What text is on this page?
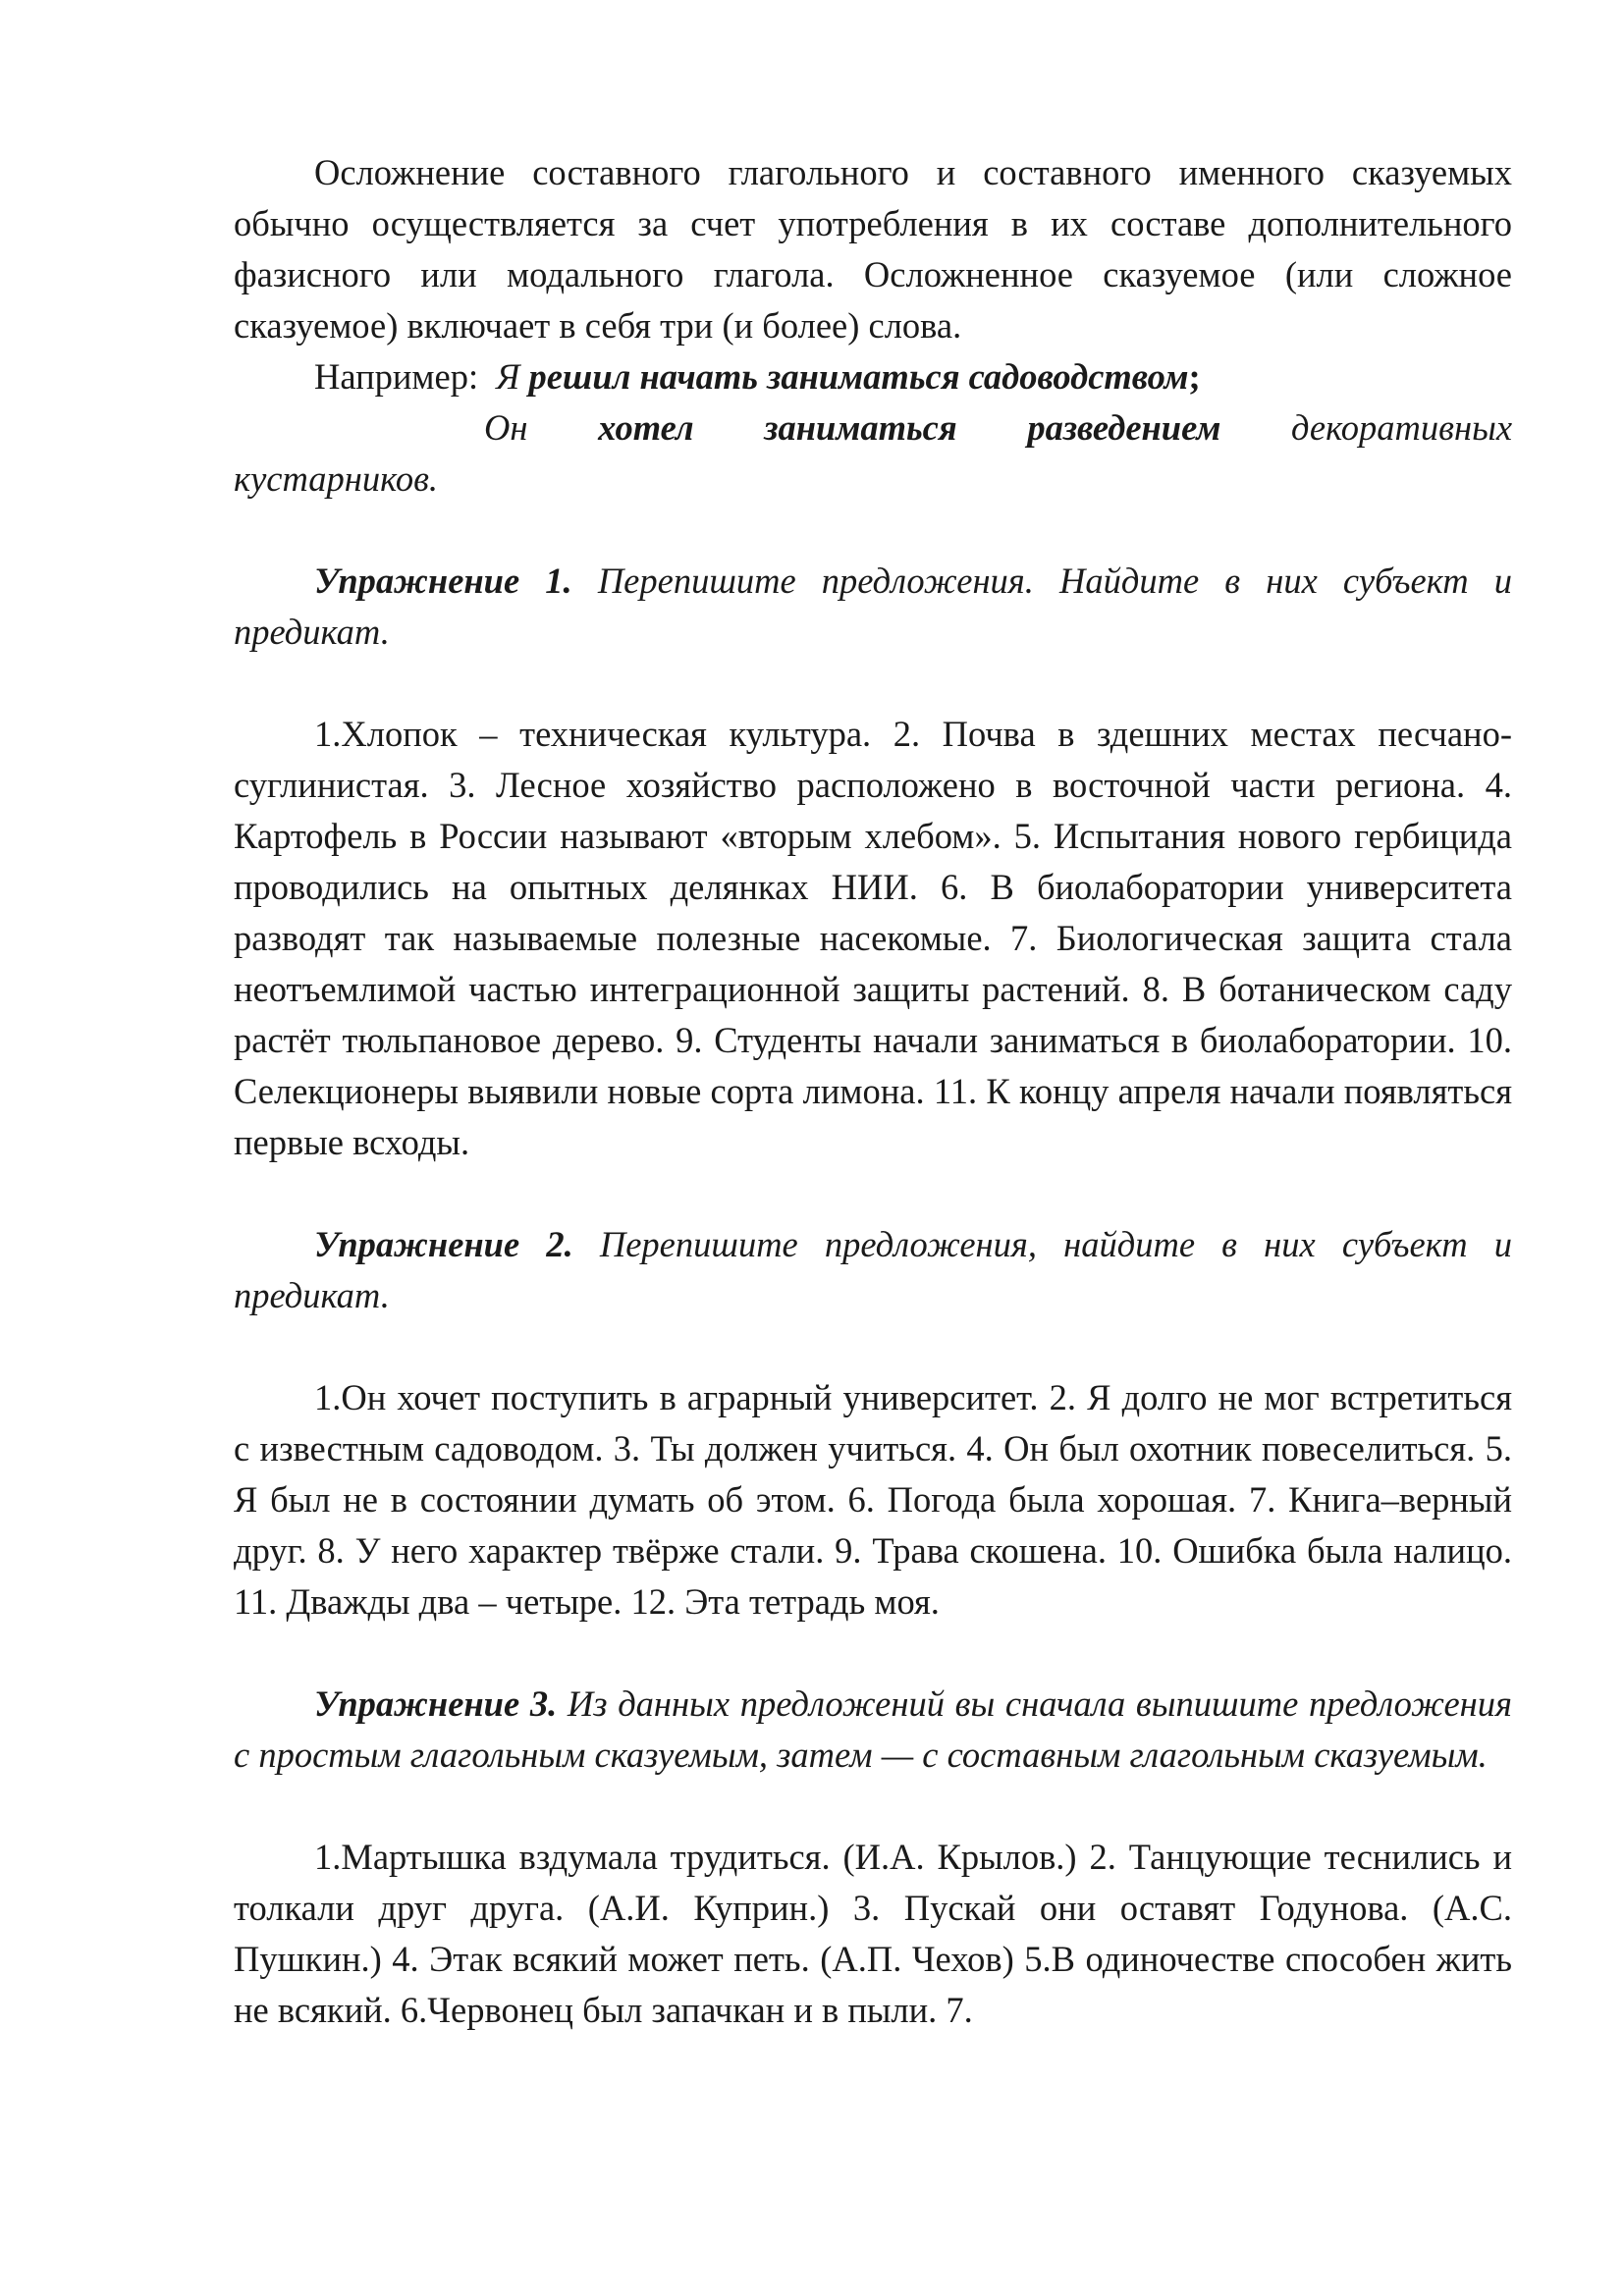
Осложнение составного глагольного и составного именного сказуемых обычно осуществляется за счет употребления в их составе дополнительного фазисного или модального глагола. Осложненное сказуемое (или сложное сказуемое) включает в себя три (и более) слова.

Например: Я решил начать заниматься садоводством;

Он хотел заниматься разведением декоративных

кустарников.

Упражнение 1. Перепишите предложения. Найдите в них субъект и предикат.

1.Хлопок – техническая культура. 2. Почва в здешних местах песчано-суглинистая. 3. Лесное хозяйство расположено в восточной части региона. 4. Картофель в России называют «вторым хлебом». 5. Испытания нового гербицида проводились на опытных делянках НИИ. 6. В биолаборатории университета разводят так называемые полезные насекомые. 7. Биологическая защита стала неотъемлимой частью интеграционной защиты растений. 8. В ботаническом саду растёт тюльпановое дерево. 9. Студенты начали заниматься в биолаборатории. 10. Селекционеры выявили новые сорта лимона. 11. К концу апреля начали появляться первые всходы.

Упражнение 2. Перепишите предложения, найдите в них субъект и предикат.

1.Он хочет поступить в аграрный университет. 2. Я долго не мог встретиться с известным садоводом. 3. Ты должен учиться. 4. Он был охотник повеселиться. 5. Я был не в состоянии думать об этом. 6. Погода была хорошая. 7. Книга–верный друг. 8. У него характер твёрже стали. 9. Трава скошена. 10. Ошибка была налицо. 11. Дважды два – четыре. 12. Эта тетрадь моя.

Упражнение 3. Из данных предложений вы сначала выпишите предложения с простым глагольным сказуемым, затем — с составным глагольным сказуемым.

1.Мартышка вздумала трудиться. (И.А. Крылов.) 2. Танцующие теснились и толкали друг друга. (А.И. Куприн.) 3. Пускай они оставят Годунова. (А.С. Пушкин.) 4. Этак всякий может петь. (А.П. Чехов) 5.В одиночестве способен жить не всякий. 6.Червонец был запачкан и в пыли. 7.
